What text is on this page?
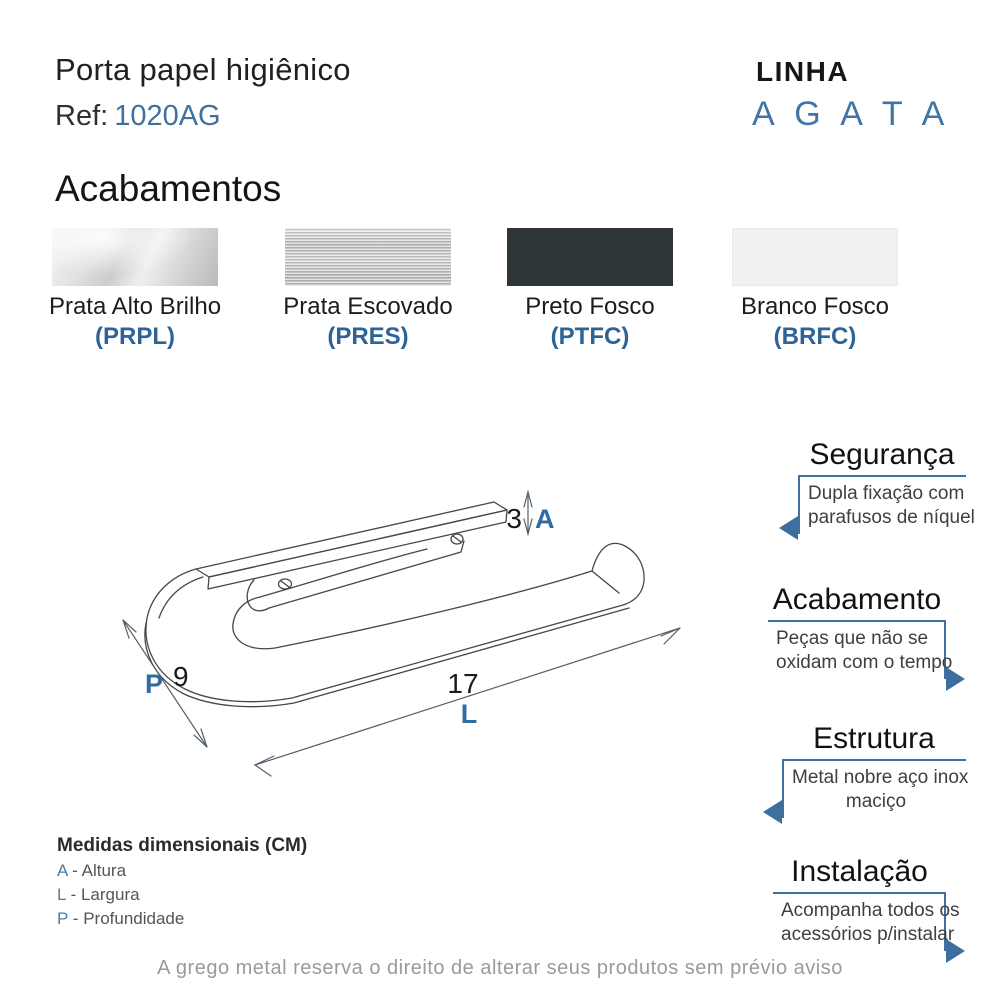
Porta papel higiênico
Ref: 1020AG
LINHA
A G A T A
Acabamentos
Prata Alto Brilho
(PRPL)
Prata Escovado
(PRES)
Preto Fosco
(PTFC)
Branco Fosco
(BRFC)
3 A
17
L
P 9
Segurança
Dupla fixação com
parafusos de níquel
Acabamento
Peças que não se
oxidam com o tempo
Estrutura
Metal nobre aço inox
maciço
Instalação
Acompanha todos os
acessórios p/instalar
Medidas dimensionais (CM)
A - Altura
L - Largura
P - Profundidade
A grego metal reserva o direito de alterar seus produtos sem prévio aviso
